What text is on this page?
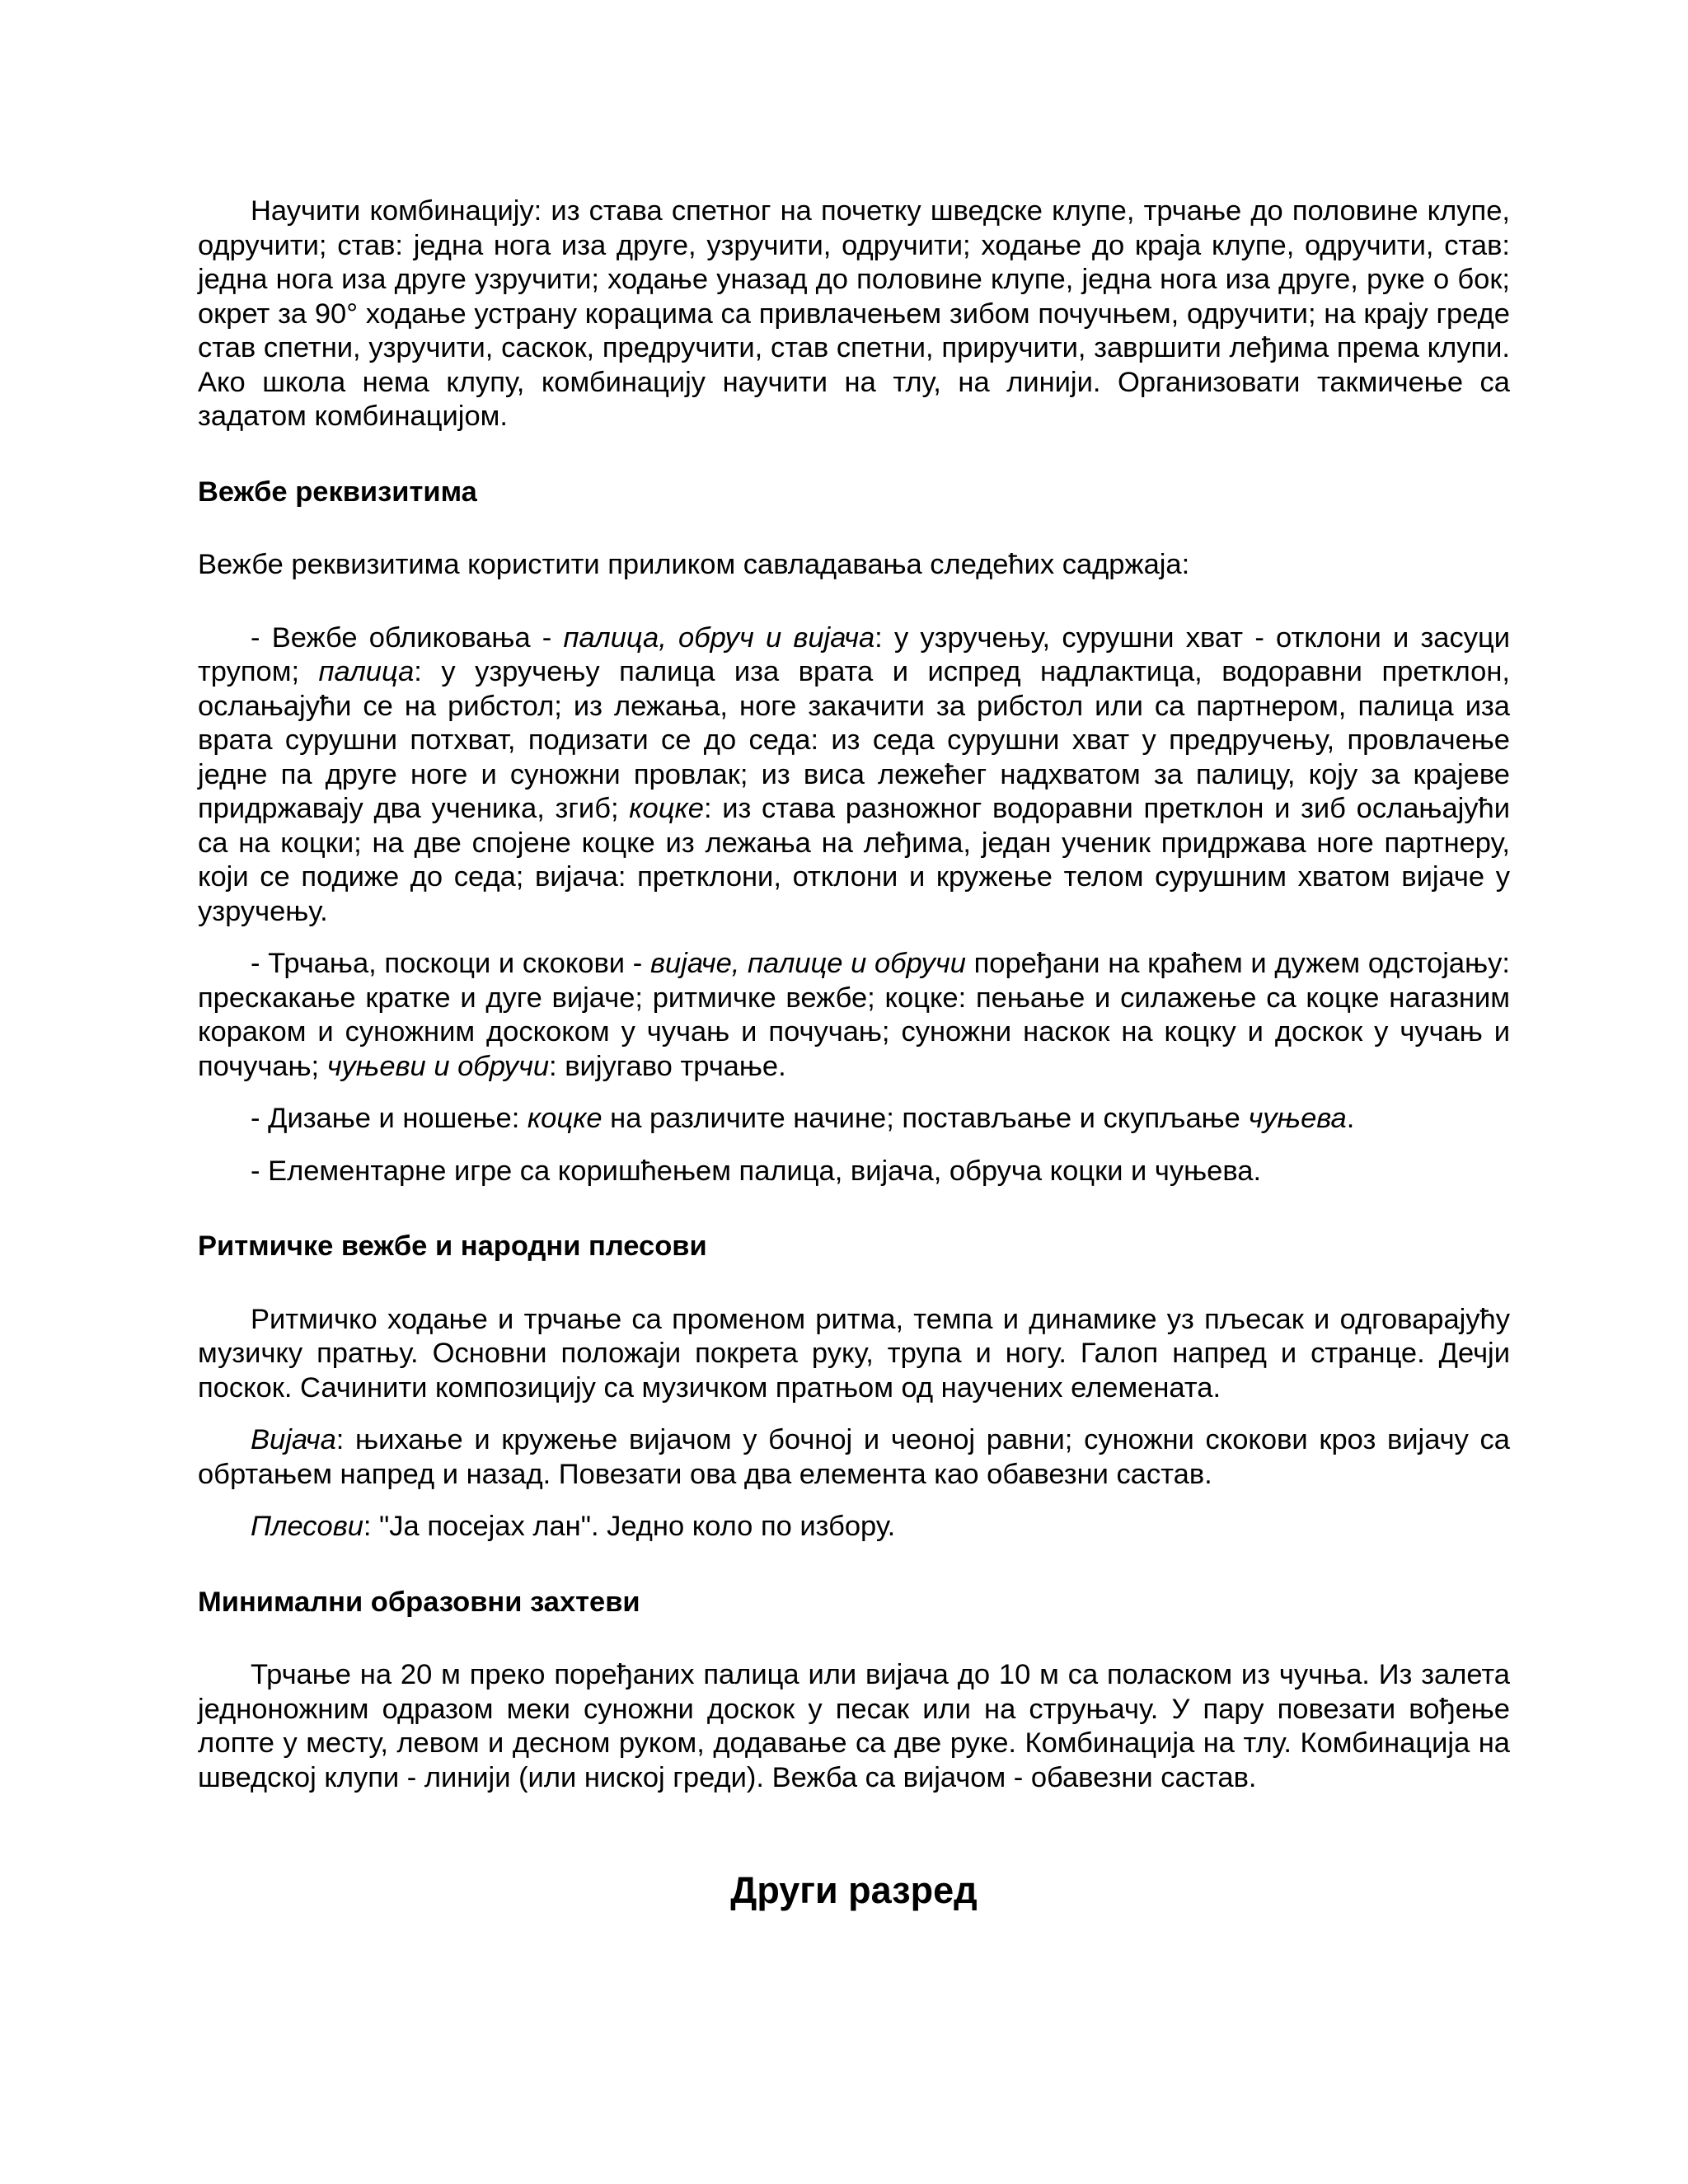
Научити комбинацију: из става спетног на почетку шведске клупе, трчање до половине клупе, одручити; став: једна нога иза друге, узручити, одручити; ходање до краја клупе, одручити, став: једна нога иза друге узручити; ходање уназад до половине клупе, једна нога иза друге, руке о бок; окрет за 90° ходање устрану корацима са привлачењем зибом почучњем, одручити; на крају греде став спетни, узручити, саскок, предручити, став спетни, приручити, завршити леђима према клупи. Ако школа нема клупу, комбинацију научити на тлу, на линији. Организовати такмичење са задатом комбинацијом.

Вежбе реквизитима

Вежбе реквизитима користити приликом савладавања следећих садржаја:

- Вежбе обликовања - палица, обруч и вијача: у узручењу, сурушни хват - отклони и засуци трупом; палица: у узручењу палица иза врата и испред надлактица, водоравни претклон, ослањајући се на рибстол; из лежања, ноге закачити за рибстол или са партнером, палица иза врата сурушни потхват, подизати се до седа: из седа сурушни хват у предручењу, провлачење једне па друге ноге и суножни провлак; из виса лежећег надхватом за палицу, коју за крајеве придржавају два ученика, згиб; коцке: из става разножног водоравни претклон и зиб ослањајући са на коцки; на две спојене коцке из лежања на леђима, један ученик придржава ноге партнеру, који се подиже до седа; вијача: претклони, отклони и кружење телом сурушним хватом вијаче у узручењу.

- Трчања, поскоци и скокови - вијаче, палице и обручи поређани на краћем и дужем одстојању: прескакање кратке и дуге вијаче; ритмичке вежбе; коцке: пењање и силажење са коцке нагазним кораком и суножним доскоком у чучањ и почучањ; суножни наскок на коцку и доскок у чучањ и почучањ; чуњеви и обручи: вијугаво трчање.

- Дизање и ношење: коцке на различите начине; постављање и скупљање чуњева.

- Елементарне игре са коришћењем палица, вијача, обруча коцки и чуњева.

Ритмичке вежбе и народни плесови

Ритмичко ходање и трчање са променом ритма, темпа и динамике уз пљесак и одговарајућу музичку пратњу. Основни положаји покрета руку, трупа и ногу. Галоп напред и странце. Дечји поскок. Сачинити композицију са музичком пратњом од научених елемената.

Вијача: њихање и кружење вијачом у бочној и чеоној равни; суножни скокови кроз вијачу са обртањем напред и назад. Повезати ова два елемента као обавезни састав.

Плесови: "Ја посејах лан". Једно коло по избору.

Минимални образовни захтеви

Трчање на 20 м преко поређаних палица или вијача до 10 м са поласком из чучња. Из залета једноножним одразом меки суножни доскок у песак или на струњачу. У пару повезати вођење лопте у месту, левом и десном руком, додавање са две руке. Комбинација на тлу. Комбинација на шведској клупи - линији (или ниској греди). Вежба са вијачом - обавезни састав.

Други разред
